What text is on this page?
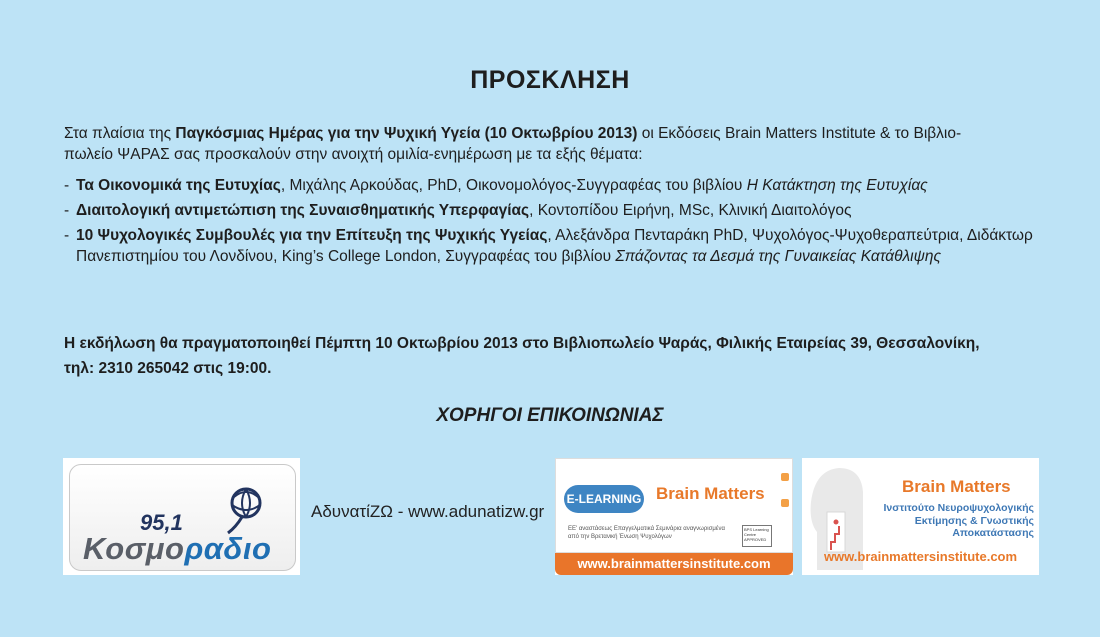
ΠΡΟΣΚΛΗΣΗ
Στα πλαίσια της Παγκόσμιας Ημέρας για την Ψυχική Υγεία (10 Οκτωβρίου 2013) οι Εκδόσεις Brain Matters Institute & το Βιβλιο-
πωλείο ΨΑΡΑΣ σας προσκαλούν στην ανοιχτή ομιλία-ενημέρωση με τα εξής θέματα:
- Τα Οικονομικά της Ευτυχίας, Μιχάλης Αρκούδας, PhD, Οικονομολόγος-Συγγραφέας του βιβλίου Η Κατάκτηση της Ευτυχίας
- Διαιτολογική αντιμετώπιση της Συναισθηματικής Υπερφαγίας, Κοντοπίδου Ειρήνη, MSc, Κλινική Διαιτολόγος
- 10 Ψυχολογικές Συμβουλές για την Επίτευξη της Ψυχικής Υγείας, Αλεξάνδρα Πενταράκη PhD, Ψυχολόγος-Ψυχοθεραπεύτρια, Διδάκτωρ Πανεπιστημίου του Λονδίνου, King’s College London, Συγγραφέας του βιβλίου Σπάζοντας τα Δεσμά της Γυναικείας Κατάθλιψης
Η εκδήλωση θα πραγματοποιηθεί Πέμπτη 10 Οκτωβρίου 2013 στο Βιβλιοπωλείο Ψαράς, Φιλικής Εταιρείας 39, Θεσσαλονίκη,
τηλ: 2310 265042 στις 19:00.
ΧΟΡΗΓΟΙ ΕΠΙΚΟΙΝΩΝΙΑΣ
95,1
Κοσμοραδιο
ΑδυνατίΖΩ - www.adunatizw.gr
E-LEARNING Brain Matters
ΕΕ' αναστάσεως Επαγγελματικά Σεμινάρια αναγνωρισμένα από την Βρετανική Ένωση Ψυχολόγων
BPS Learning Centre APPROVED
www.brainmattersinstitute.com
Brain Matters
Ινστιτούτο Νευροψυχολογικής
Εκτίμησης & Γνωστικής
Αποκατάστασης
www.brainmattersinstitute.com
